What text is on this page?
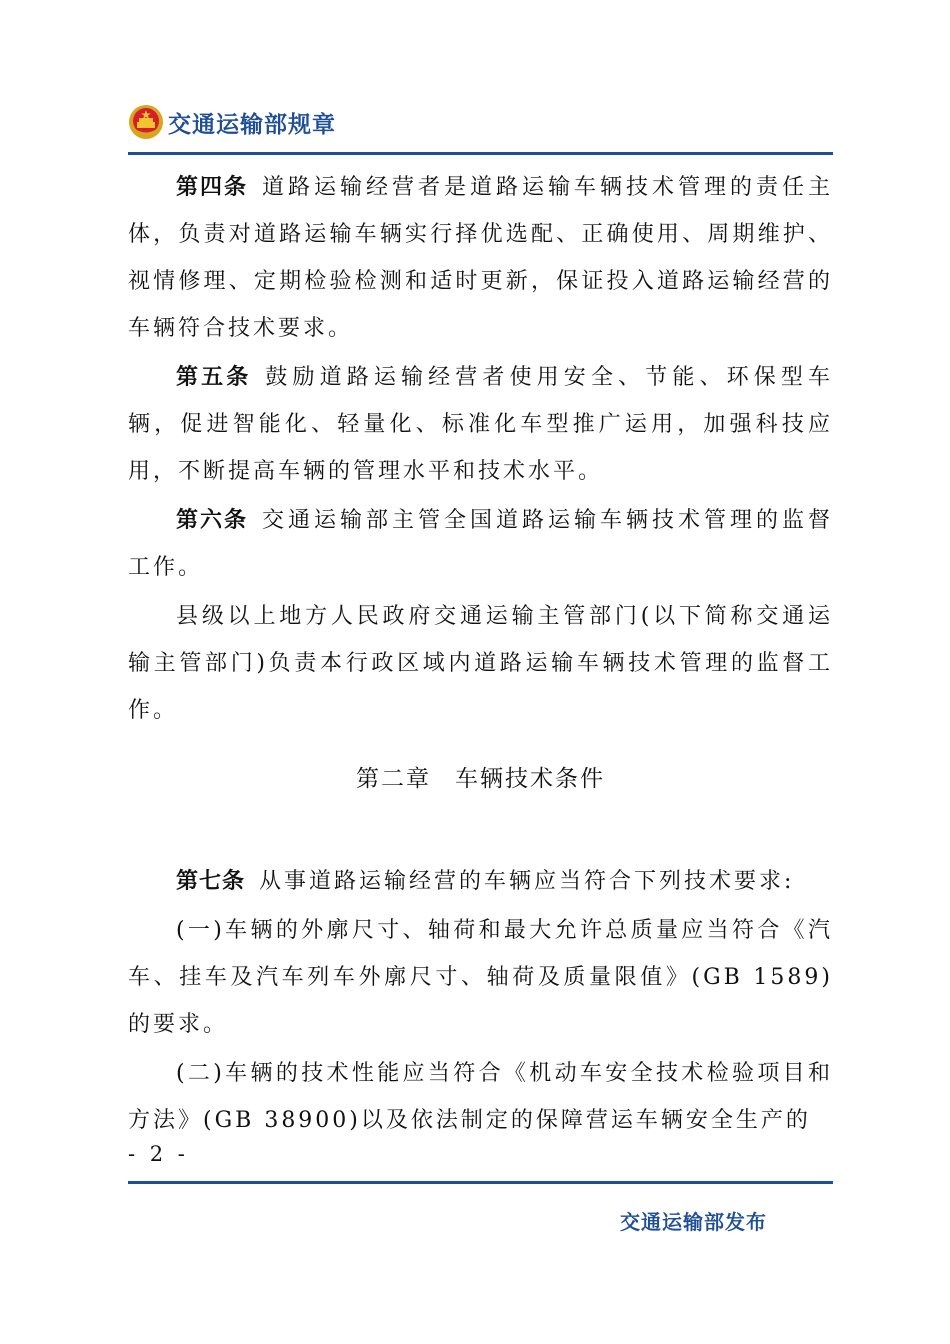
交通运输部规章

第四条 道路运输经营者是道路运输车辆技术管理的责任主体，负责对道路运输车辆实行择优选配、正确使用、周期维护、视情修理、定期检验检测和适时更新，保证投入道路运输经营的车辆符合技术要求。

第五条 鼓励道路运输经营者使用安全、节能、环保型车辆，促进智能化、轻量化、标准化车型推广运用，加强科技应用，不断提高车辆的管理水平和技术水平。

第六条 交通运输部主管全国道路运输车辆技术管理的监督工作。

县级以上地方人民政府交通运输主管部门(以下简称交通运输主管部门)负责本行政区域内道路运输车辆技术管理的监督工作。

第二章 车辆技术条件

第七条 从事道路运输经营的车辆应当符合下列技术要求:

(一)车辆的外廓尺寸、轴荷和最大允许总质量应当符合《汽车、挂车及汽车列车外廓尺寸、轴荷及质量限值》(GB 1589)的要求。

(二)车辆的技术性能应当符合《机动车安全技术检验项目和方法》(GB 38900)以及依法制定的保障营运车辆安全生产的

- 2 -
交通运输部发布
